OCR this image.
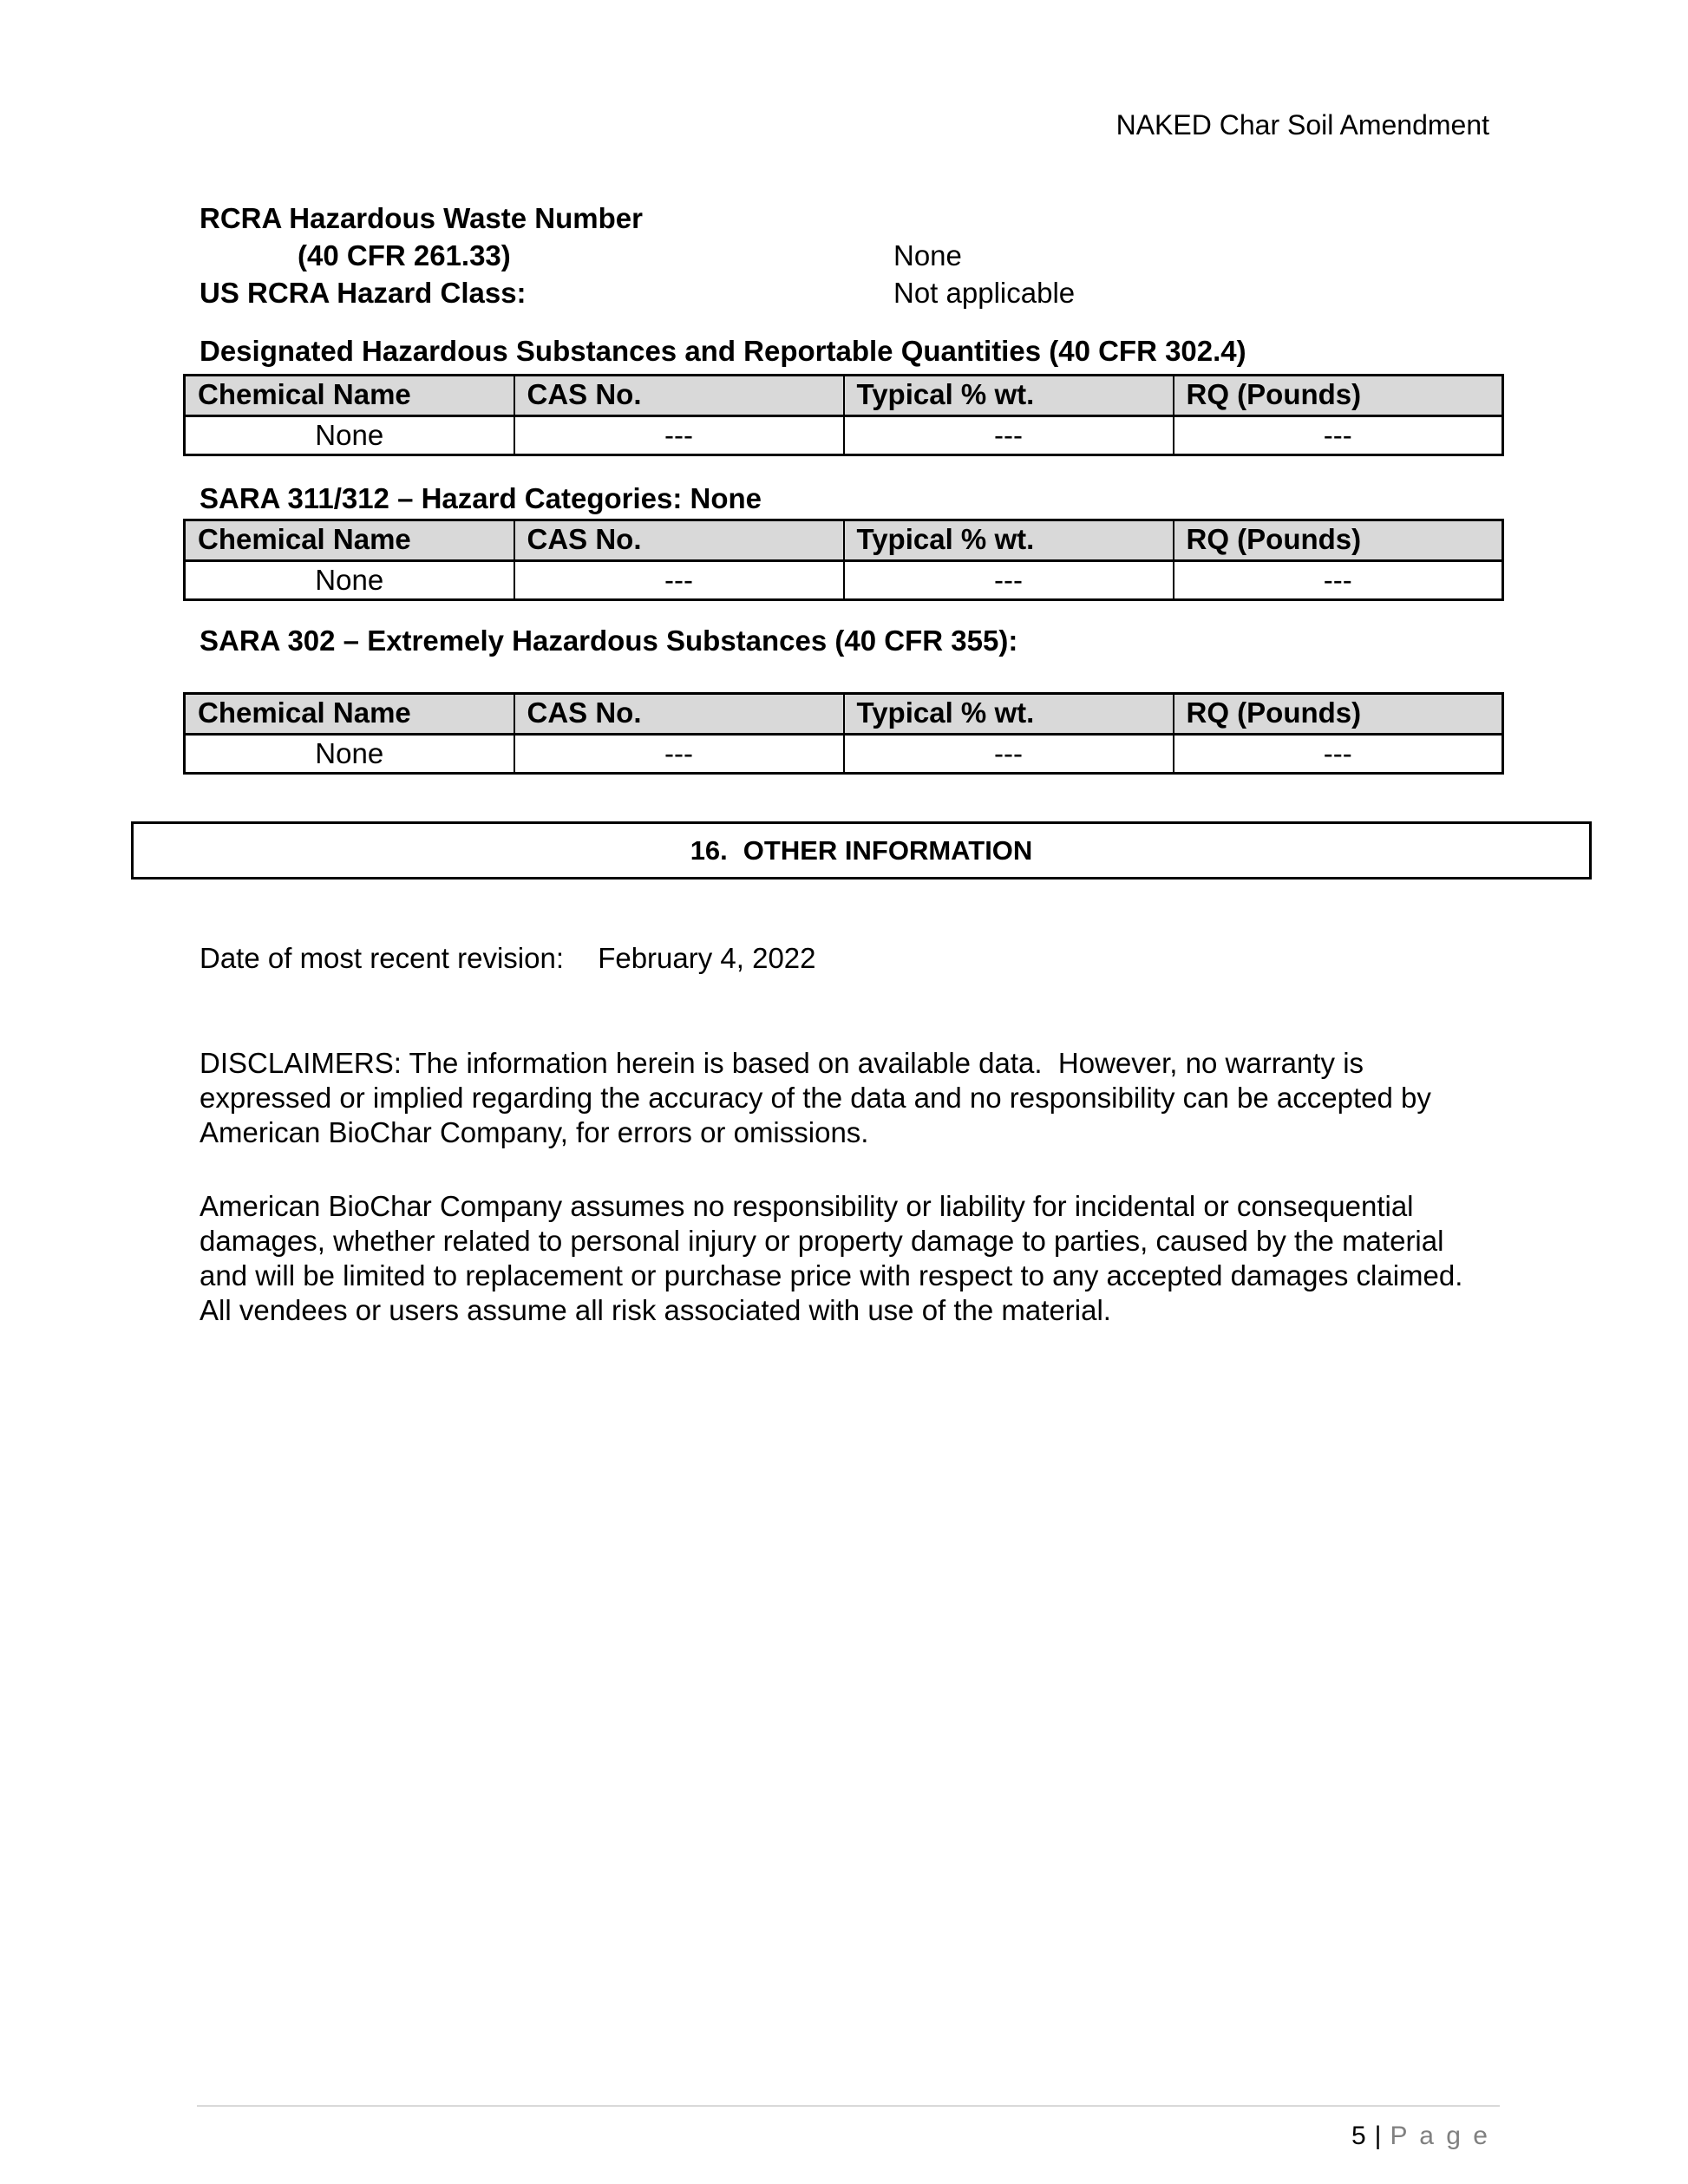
NAKED Char Soil Amendment
RCRA Hazardous Waste Number
(40 CFR 261.33)	None
US RCRA Hazard Class:	Not applicable
Designated Hazardous Substances and Reportable Quantities (40 CFR 302.4)
Chemical Name	CAS No.	Typical % wt.	RQ (Pounds)
None	---	---	---
SARA 311/312 – Hazard Categories: None
Chemical Name	CAS No.	Typical % wt.	RQ (Pounds)
None	---	---	---
SARA 302 – Extremely Hazardous Substances (40 CFR 355):
Chemical Name	CAS No.	Typical % wt.	RQ (Pounds)
None	---	---	---
16. OTHER INFORMATION
Date of most recent revision: February 4, 2022

DISCLAIMERS: The information herein is based on available data.  However, no warranty is expressed or implied regarding the accuracy of the data and no responsibility can be accepted by American BioChar Company, for errors or omissions.

American BioChar Company assumes no responsibility or liability for incidental or consequential damages, whether related to personal injury or property damage to parties, caused by the material and will be limited to replacement or purchase price with respect to any accepted damages claimed.  All vendees or users assume all risk associated with use of the material.

5 | P a g e
